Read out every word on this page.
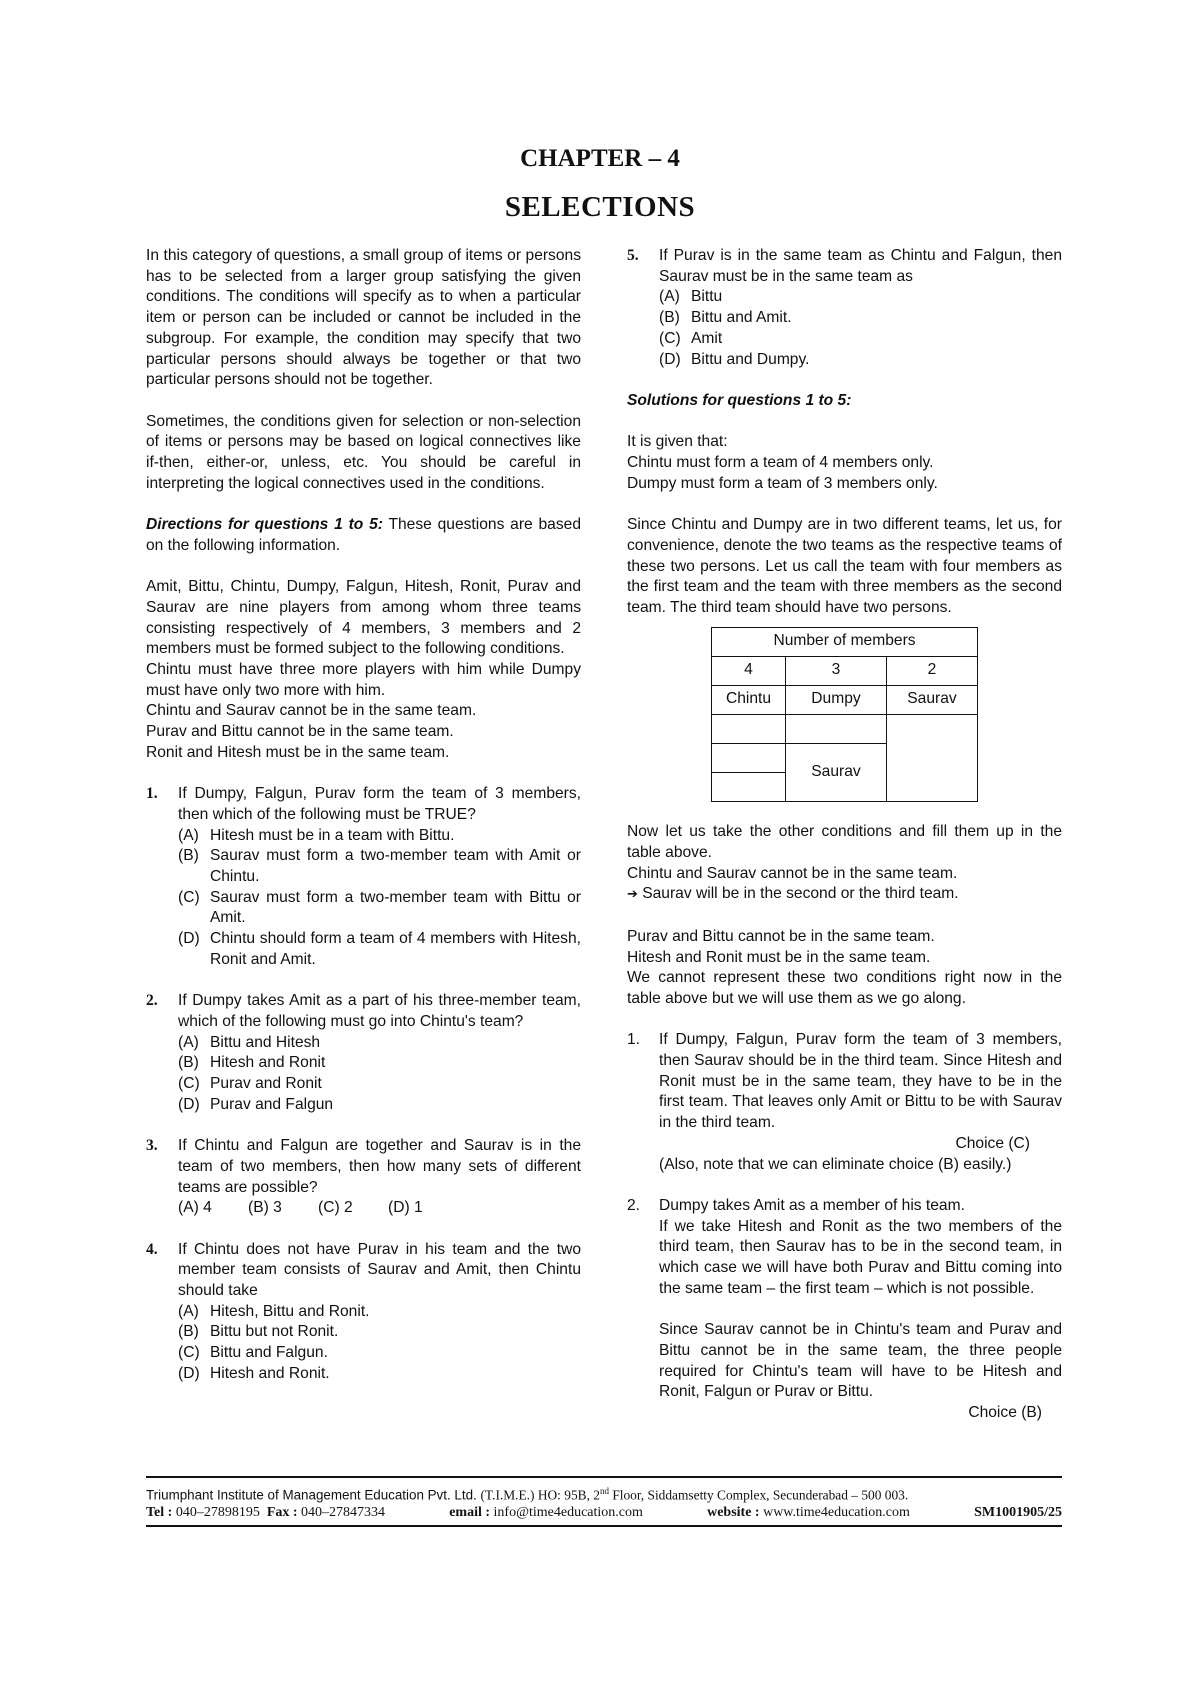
CHAPTER – 4
SELECTIONS

In this category of questions, a small group of items or persons has to be selected from a larger group satisfying the given conditions. The conditions will specify as to when a particular item or person can be included or cannot be included in the subgroup. For example, the condition may specify that two particular persons should always be together or that two particular persons should not be together.

Sometimes, the conditions given for selection or non-selection of items or persons may be based on logical connectives like if-then, either-or, unless, etc. You should be careful in interpreting the logical connectives used in the conditions.

Directions for questions 1 to 5: These questions are based on the following information.

Amit, Bittu, Chintu, Dumpy, Falgun, Hitesh, Ronit, Purav and Saurav are nine players from among whom three teams consisting respectively of 4 members, 3 members and 2 members must be formed subject to the following conditions.

Chintu must have three more players with him while Dumpy must have only two more with him.

Chintu and Saurav cannot be in the same team.

Purav and Bittu cannot be in the same team.

Ronit and Hitesh must be in the same team.

1.	If Dumpy, Falgun, Purav form the team of 3 members, then which of the following must be TRUE?

(A) Hitesh must be in a team with Bittu.
(B) Saurav must form a two-member team with Amit or Chintu.
(C) Saurav must form a two-member team with Bittu or Amit.
(D) Chintu should form a team of 4 members with Hitesh, Ronit and Amit.
2.	If Dumpy takes Amit as a part of his three-member team, which of the following must go into Chintu's team?

(A) Bittu and Hitesh
(B) Hitesh and Ronit
(C) Purav and Ronit
(D) Purav and Falgun
3.	If Chintu and Falgun are together and Saurav is in the team of two members, then how many sets of different teams are possible?

(A) 4	(B) 3	(C) 2	(D) 1
4.	If Chintu does not have Purav in his team and the two member team consists of Saurav and Amit, then Chintu should take

(A) Hitesh, Bittu and Ronit.
(B) Bittu but not Ronit.
(C) Bittu and Falgun.
(D) Hitesh and Ronit.
5.	If Purav is in the same team as Chintu and Falgun, then Saurav must be in the same team as

(A) Bittu
(B) Bittu and Amit.
(C) Amit
(D) Bittu and Dumpy.

Solutions for questions 1 to 5:

It is given that:

Chintu must form a team of 4 members only.

Dumpy must form a team of 3 members only.

Since Chintu and Dumpy are in two different teams, let us, for convenience, denote the two teams as the respective teams of these two persons. Let us call the team with four members as the first team and the team with three members as the second team. The third team should have two persons.

Number of members		
4	3	2
Chintu	Dumpy	Saurav

	Saurav	

Now let us take the other conditions and fill them up in the table above.

Chintu and Saurav cannot be in the same team.

➔ Saurav will be in the second or the third team.

Purav and Bittu cannot be in the same team.

Hitesh and Ronit must be in the same team.

We cannot represent these two conditions right now in the table above but we will use them as we go along.

1.	If Dumpy, Falgun, Purav form the team of 3 members, then Saurav should be in the third team. Since Hitesh and Ronit must be in the same team, they have to be in the first team. That leaves only Amit or Bittu to be with Saurav in the third team.

Choice (C)

(Also, note that we can eliminate choice (B) easily.)

2.	Dumpy takes Amit as a member of his team.

If we take Hitesh and Ronit as the two members of the third team, then Saurav has to be in the second team, in which case we will have both Purav and Bittu coming into the same team – the first team – which is not possible.

Since Saurav cannot be in Chintu's team and Purav and Bittu cannot be in the same team, the three people required for Chintu's team will have to be Hitesh and Ronit, Falgun or Purav or Bittu.

Choice (B)

Triumphant Institute of Management Education Pvt. Ltd. (T.I.M.E.) HO: 95B, 2nd Floor, Siddamsetty Complex, Secunderabad – 500 003.
Tel : 040–27898195 Fax : 040–27847334	email : info@time4education.com	website : www.time4education.com	SM1001905/25
